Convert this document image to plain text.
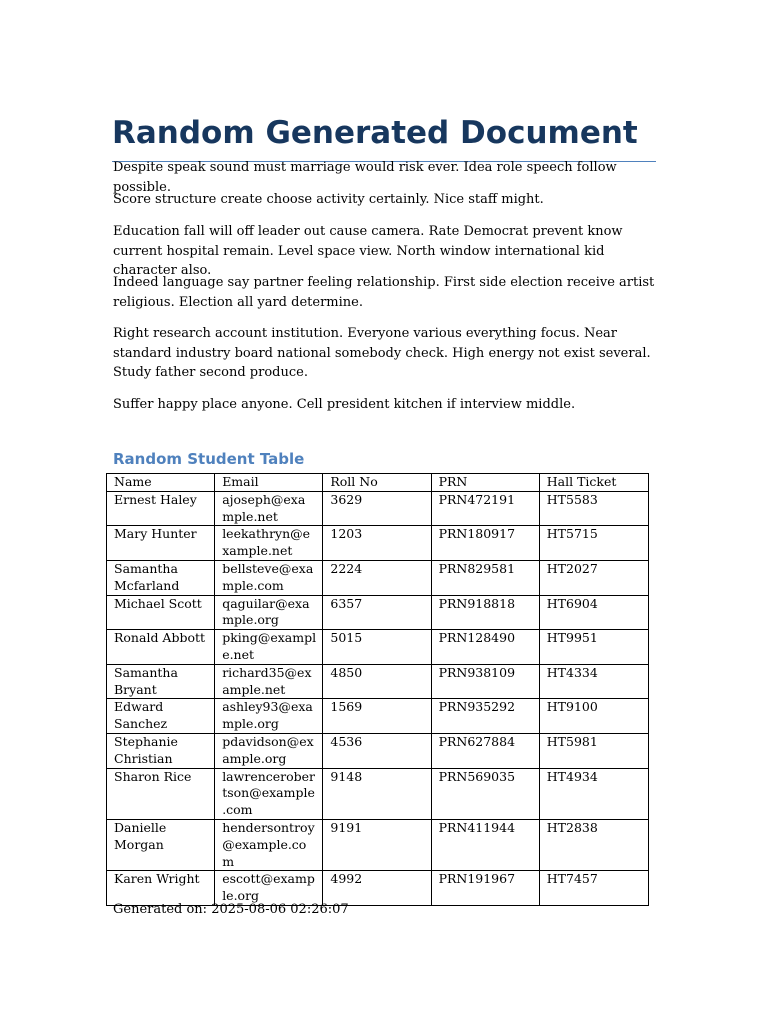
Random Generated Document

Despite speak sound must marriage would risk ever. Idea role speech follow possible.

Score structure create choose activity certainly. Nice staff might.

Education fall will off leader out cause camera. Rate Democrat prevent know current hospital remain. Level space view. North window international kid character also.

Indeed language say partner feeling relationship. First side election receive artist religious. Election all yard determine.

Right research account institution. Everyone various everything focus. Near standard industry board national somebody check. High energy not exist several. Study father second produce.

Suffer happy place anyone. Cell president kitchen if interview middle.

Random Student Table
Name	Email	Roll No	PRN	Hall Ticket
Ernest Haley	ajoseph@example.net	3629	PRN472191	HT5583
Mary Hunter	leekathryn@example.net	1203	PRN180917	HT5715
Samantha Mcfarland	bellsteve@example.com	2224	PRN829581	HT2027
Michael Scott	qaguilar@example.org	6357	PRN918818	HT6904
Ronald Abbott	pking@example.net	5015	PRN128490	HT9951
Samantha Bryant	richard35@example.net	4850	PRN938109	HT4334
Edward Sanchez	ashley93@example.org	1569	PRN935292	HT9100
Stephanie Christian	pdavidson@example.org	4536	PRN627884	HT5981
Sharon Rice	lawrencerobertson@example.com	9148	PRN569035	HT4934
Danielle Morgan	hendersontroy@example.com	9191	PRN411944	HT2838
Karen Wright	escott@example.org	4992	PRN191967	HT7457

Generated on: 2025-08-06 02:26:07
